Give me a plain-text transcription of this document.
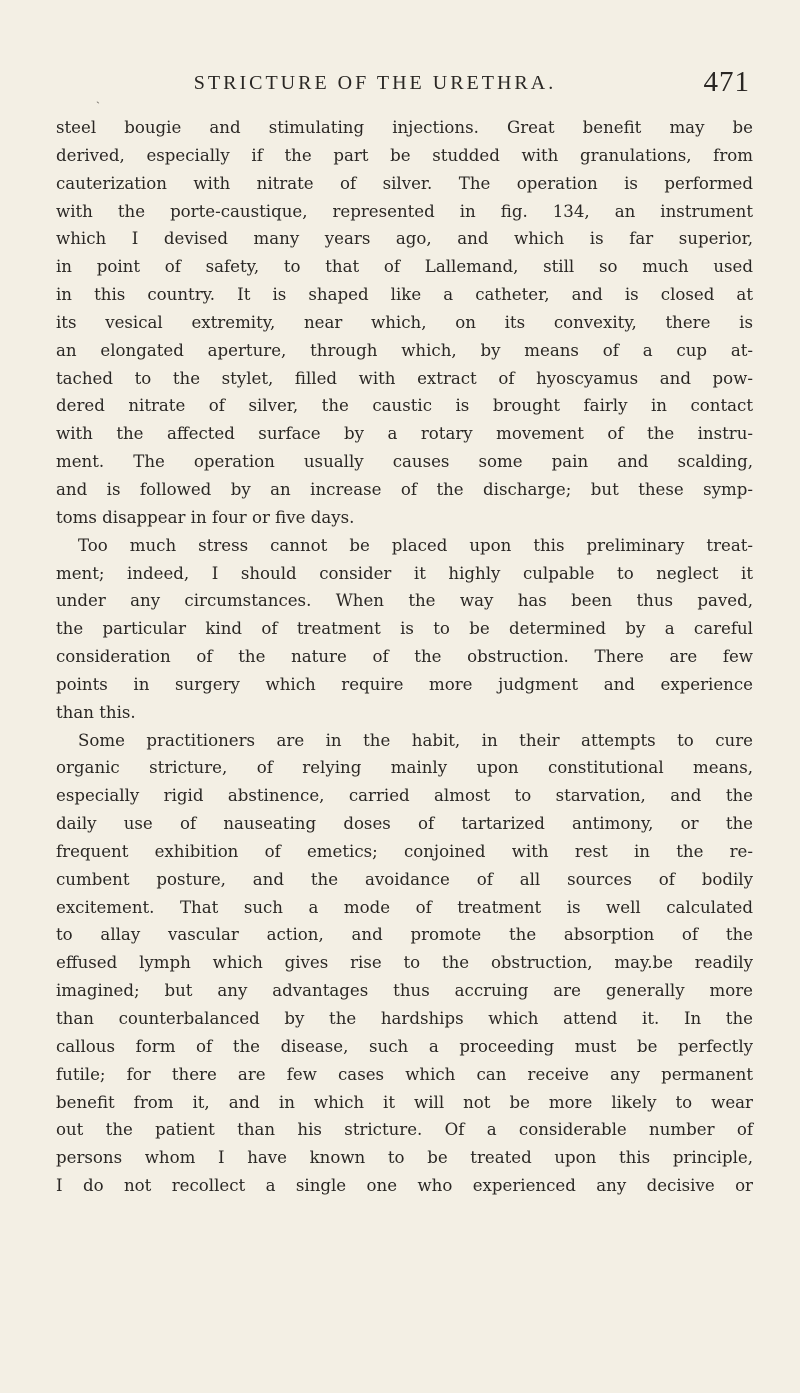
STRICTURE OF THE URETHRA.	471
ˎ
steel bougie and stimulating injections. Great benefit may be
derived, especially if the part be studded with granulations, from
cauterization with nitrate of silver. The operation is performed
with the porte-caustique, represented in fig. 134, an instrument
which I devised many years ago, and which is far superior,
in point of safety, to that of Lallemand, still so much used
in this country. It is shaped like a catheter, and is closed at
its vesical extremity, near which, on its convexity, there is
an elongated aperture, through which, by means of a cup at-
tached to the stylet, filled with extract of hyoscyamus and pow-
dered nitrate of silver, the caustic is brought fairly in contact
with the affected surface by a rotary movement of the instru-
ment. The operation usually causes some pain and scalding,
and is followed by an increase of the discharge; but these symp-
toms disappear in four or five days.
Too much stress cannot be placed upon this preliminary treat-
ment; indeed, I should consider it highly culpable to neglect it
under any circumstances. When the way has been thus paved,
the particular kind of treatment is to be determined by a careful
consideration of the nature of the obstruction. There are few
points in surgery which require more judgment and experience
than this.
Some practitioners are in the habit, in their attempts to cure
organic stricture, of relying mainly upon constitutional means,
especially rigid abstinence, carried almost to starvation, and the
daily use of nauseating doses of tartarized antimony, or the
frequent exhibition of emetics; conjoined with rest in the re-
cumbent posture, and the avoidance of all sources of bodily
excitement. That such a mode of treatment is well calculated
to allay vascular action, and promote the absorption of the
effused lymph which gives rise to the obstruction, may.be readily
imagined; but any advantages thus accruing are generally more
than counterbalanced by the hardships which attend it. In the
callous form of the disease, such a proceeding must be perfectly
futile; for there are few cases which can receive any permanent
benefit from it, and in which it will not be more likely to wear
out the patient than his stricture. Of a considerable number of
persons whom I have known to be treated upon this principle,
I do not recollect a single one who experienced any decisive or
